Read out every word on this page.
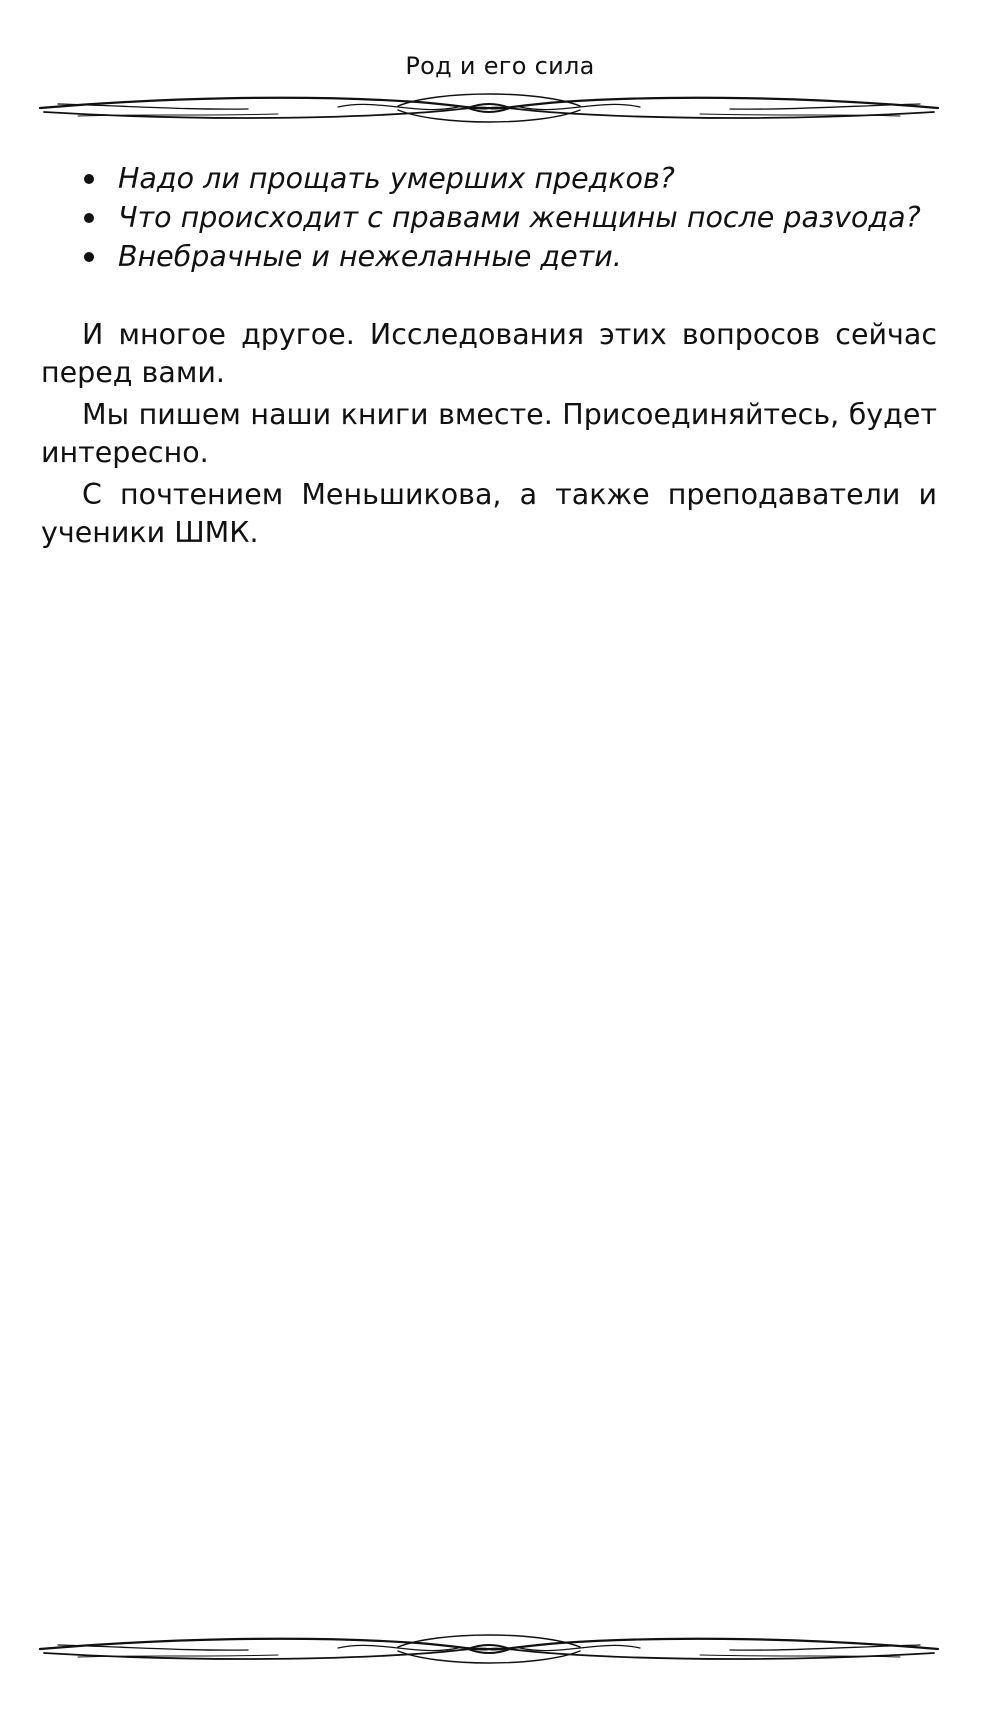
Род и его сила
Надо ли прощать умерших предков?
Что происходит с правами женщины после разvода?
Внебрачные и нежеланные дети.

И многое другое. Исследования этих вопросов сейчас перед вами.

Мы пишем наши книги вместе. Присоединяйтесь, будет интересно.

С почтением Меньшикова, а также преподаватели и ученики ШМК.
